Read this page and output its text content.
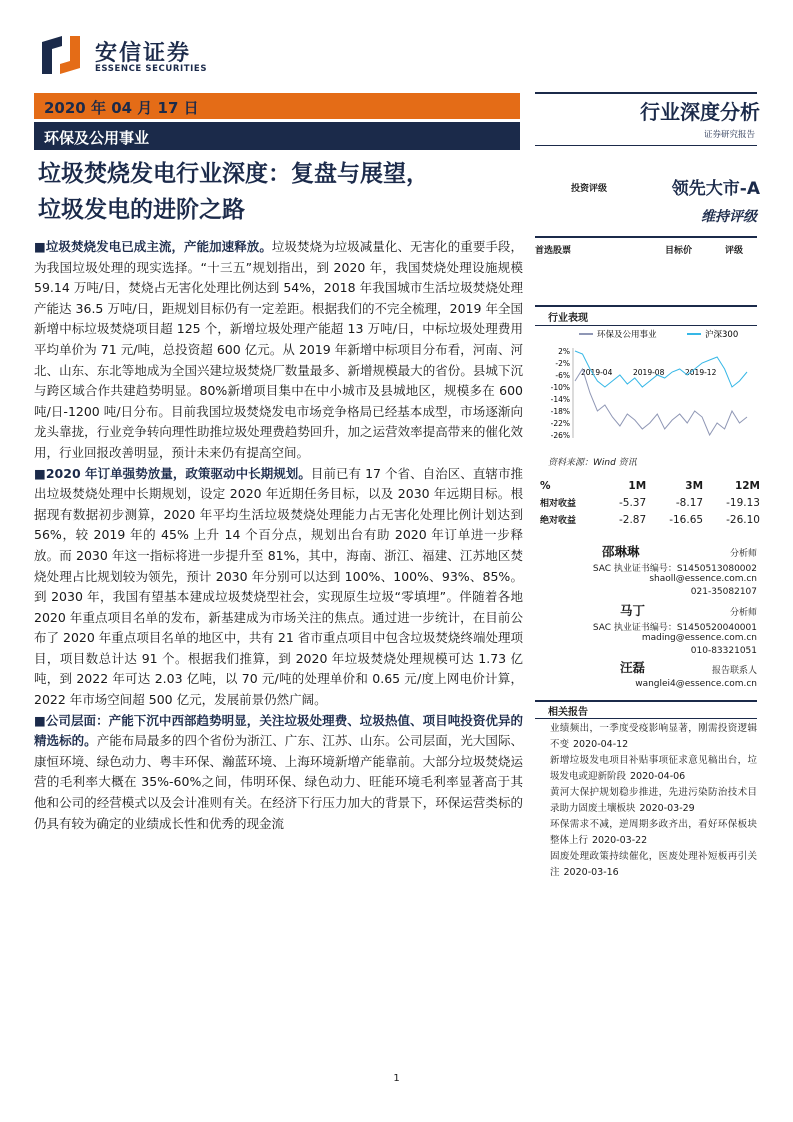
安信证券
ESSENCE SECURITIES
2020 年 04 月 17 日
环保及公用事业
行业深度分析
证券研究报告
垃圾焚烧发电行业深度：复盘与展望，
垃圾发电的进阶之路
投资评级	领先大市-A
维持评级
首选股票	目标价	评级
行业表现
环保及公用事业	沪深300
2%
-2%
-6%
-10%
-14%
-18%
-22%
-26%
2019-04	2019-08	2019-12
资料来源：Wind 资讯
%	1M	3M	12M
相对收益	-5.37	-8.17	-19.13
绝对收益	-2.87	-16.65	-26.10
邵琳琳	分析师
SAC 执业证书编号：S1450513080002
shaoll@essence.com.cn
021-35082107
马丁	分析师
SAC 执业证书编号：S1450520040001
mading@essence.com.cn
010-83321051
汪磊	报告联系人
wanglei4@essence.com.cn
相关报告
业绩频出，一季度受疫影响显著，刚需投资逻辑不变 2020-04-12
新增垃圾发电项目补贴事项征求意见稿出台，垃圾发电或迎新阶段 2020-04-06
黄河大保护规划稳步推进，先进污染防治技术目录助力固废土壤板块 2020-03-29
环保需求不减，逆周期多政齐出，看好环保板块整体上行 2020-03-22
固废处理政策持续催化，医废处理补短板再引关注 2020-03-16

■垃圾焚烧发电已成主流，产能加速释放。垃圾焚烧为垃圾减量化、无害化的重要手段，为我国垃圾处理的现实选择。“十三五”规划指出，到 2020 年，我国焚烧处理设施规模 59.14 万吨/日，焚烧占无害化处理比例达到 54%，2018 年我国城市生活垃圾焚烧处理产能达 36.5 万吨/日，距规划目标仍有一定差距。根据我们的不完全梳理，2019 年全国新增中标垃圾焚烧项目超 125 个，新增垃圾处理产能超 13 万吨/日，中标垃圾处理费用平均单价为 71 元/吨，总投资超 600 亿元。从 2019 年新增中标项目分布看，河南、河北、山东、东北等地成为全国兴建垃圾焚烧厂数量最多、新增规模最大的省份。县城下沉与跨区域合作共建趋势明显。80%新增项目集中在中小城市及县城地区，规模多在 600 吨/日-1200 吨/日分布。目前我国垃圾焚烧发电市场竞争格局已经基本成型，市场逐渐向龙头靠拢，行业竞争转向理性助推垃圾处理费趋势回升，加之运营效率提高带来的催化效用，行业回报改善明显，预计未来仍有提高空间。

■2020 年订单强势放量，政策驱动中长期规划。目前已有 17 个省、自治区、直辖市推出垃圾焚烧处理中长期规划，设定 2020 年近期任务目标，以及 2030 年远期目标。根据现有数据初步测算，2020 年平均生活垃圾焚烧处理能力占无害化处理比例计划达到 56%，较 2019 年的 45% 上升 14 个百分点，规划出台有助 2020 年订单进一步释放。而 2030 年这一指标将进一步提升至 81%，其中，海南、浙江、福建、江苏地区焚烧处理占比规划较为领先，预计 2030 年分别可以达到 100%、100%、93%、85%。到 2030 年，我国有望基本建成垃圾焚烧型社会，实现原生垃圾“零填埋”。伴随着各地 2020 年重点项目名单的发布，新基建成为市场关注的焦点。通过进一步统计，在目前公布了 2020 年重点项目名单的地区中，共有 21 省市重点项目中包含垃圾焚烧终端处理项目，项目数总计达 91 个。根据我们推算，到 2020 年垃圾焚烧处理规模可达 1.73 亿吨，到 2022 年可达 2.03 亿吨，以 70 元/吨的处理单价和 0.65 元/度上网电价计算， 2022 年市场空间超 500 亿元，发展前景仍然广阔。

■公司层面：产能下沉中西部趋势明显，关注垃圾处理费、垃圾热值、项目吨投资优异的精选标的。产能布局最多的四个省份为浙江、广东、江苏、山东。公司层面，光大国际、康恒环境、绿色动力、粤丰环保、瀚蓝环境、上海环境新增产能靠前。大部分垃圾焚烧运营的毛利率大概在 35%-60%之间，伟明环保、绿色动力、旺能环境毛利率显著高于其他和公司的经营模式以及会计准则有关。在经济下行压力加大的背景下，环保运营类标的仍具有较为确定的业绩成长性和优秀的现金流

1
